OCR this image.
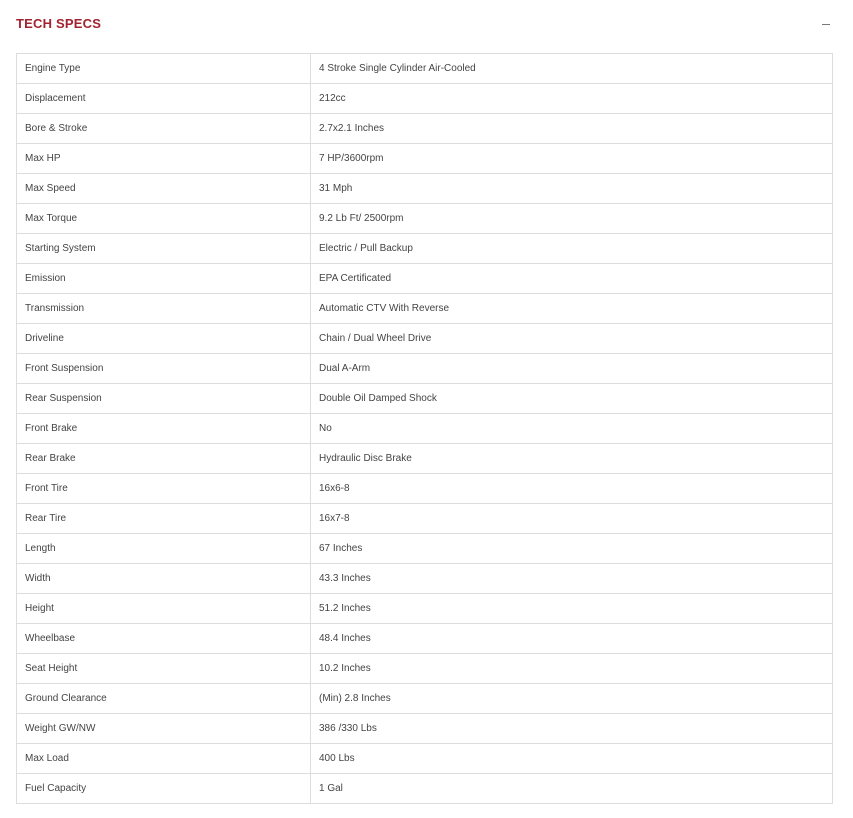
TECH SPECS
Engine Type	4 Stroke Single Cylinder Air-Cooled
Displacement	212cc
Bore & Stroke	2.7x2.1 Inches
Max HP	7 HP/3600rpm
Max Speed	31 Mph
Max Torque	9.2 Lb Ft/ 2500rpm
Starting System	Electric / Pull Backup
Emission	EPA Certificated
Transmission	Automatic CTV With Reverse
Driveline	Chain / Dual Wheel Drive
Front Suspension	Dual A-Arm
Rear Suspension	Double Oil Damped Shock
Front Brake	No
Rear Brake	Hydraulic Disc Brake
Front Tire	16x6-8
Rear Tire	16x7-8
Length	67 Inches
Width	43.3 Inches
Height	51.2 Inches
Wheelbase	48.4 Inches
Seat Height	10.2 Inches
Ground Clearance	(Min) 2.8 Inches
Weight GW/NW	386 /330 Lbs
Max Load	400 Lbs
Fuel Capacity	1 Gal
